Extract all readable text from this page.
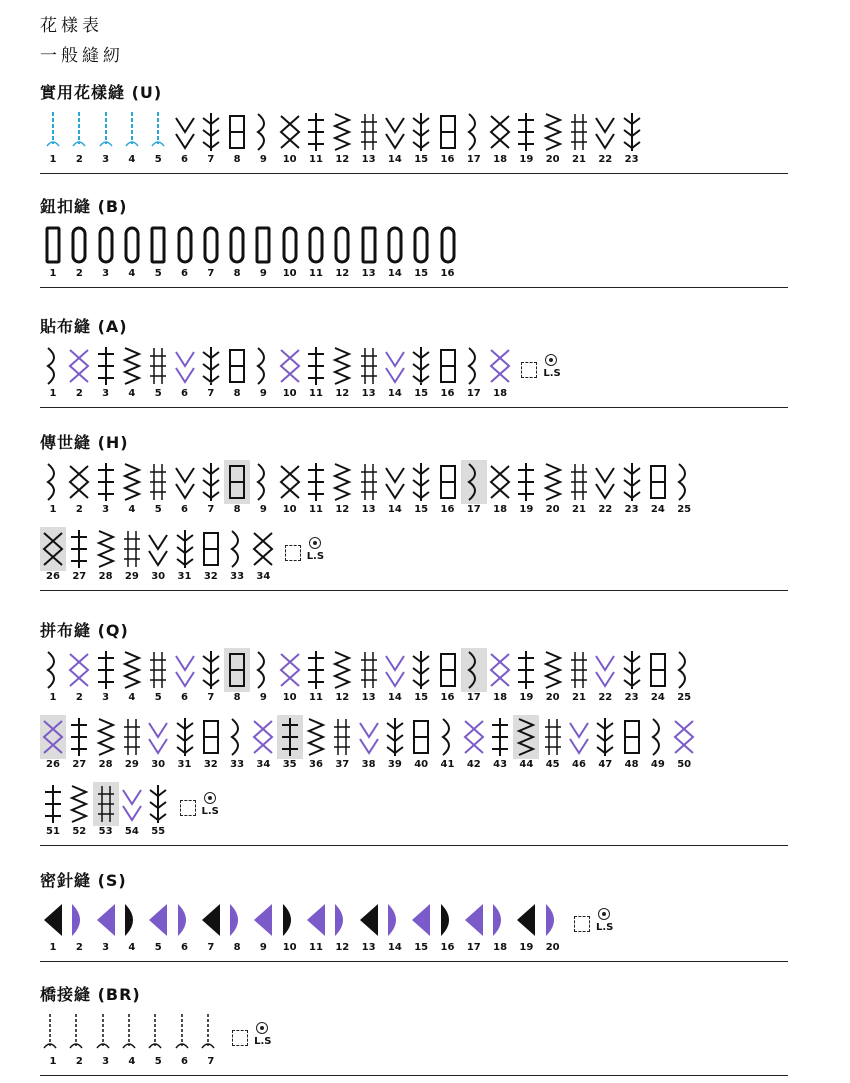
花樣表
一般縫紉
實用花樣縫 (U)
1	2	3	4	5	6	7	8	9	10	11	12	13	14	15	16	17	18	19	20	21	22	23
鈕扣縫 (B)
1	2	3	4	5	6	7	8	9	10	11	12	13	14	15	16
貼布縫 (A)
1	2	3	4	5	6	7	8	9	10	11	12	13	14	15	16	17	18
L.S
傳世縫 (H)
1	2	3	4	5	6	7	8	9	10	11	12	13	14	15	16	17	18	19	20	21	22	23	24	25
26	27	28	29	30	31	32	33	34
L.S
拼布縫 (Q)
1	2	3	4	5	6	7	8	9	10	11	12	13	14	15	16	17	18	19	20	21	22	23	24	25
26	27	28	29	30	31	32	33	34	35	36	37	38	39	40	41	42	43	44	45	46	47	48	49	50
51	52	53	54	55
L.S
密針縫 (S)
1	2	3	4	5	6	7	8	9	10	11	12	13	14	15	16	17	18	19	20
L.S
橋接縫 (BR)
1	2	3	4	5	6	7
L.S
